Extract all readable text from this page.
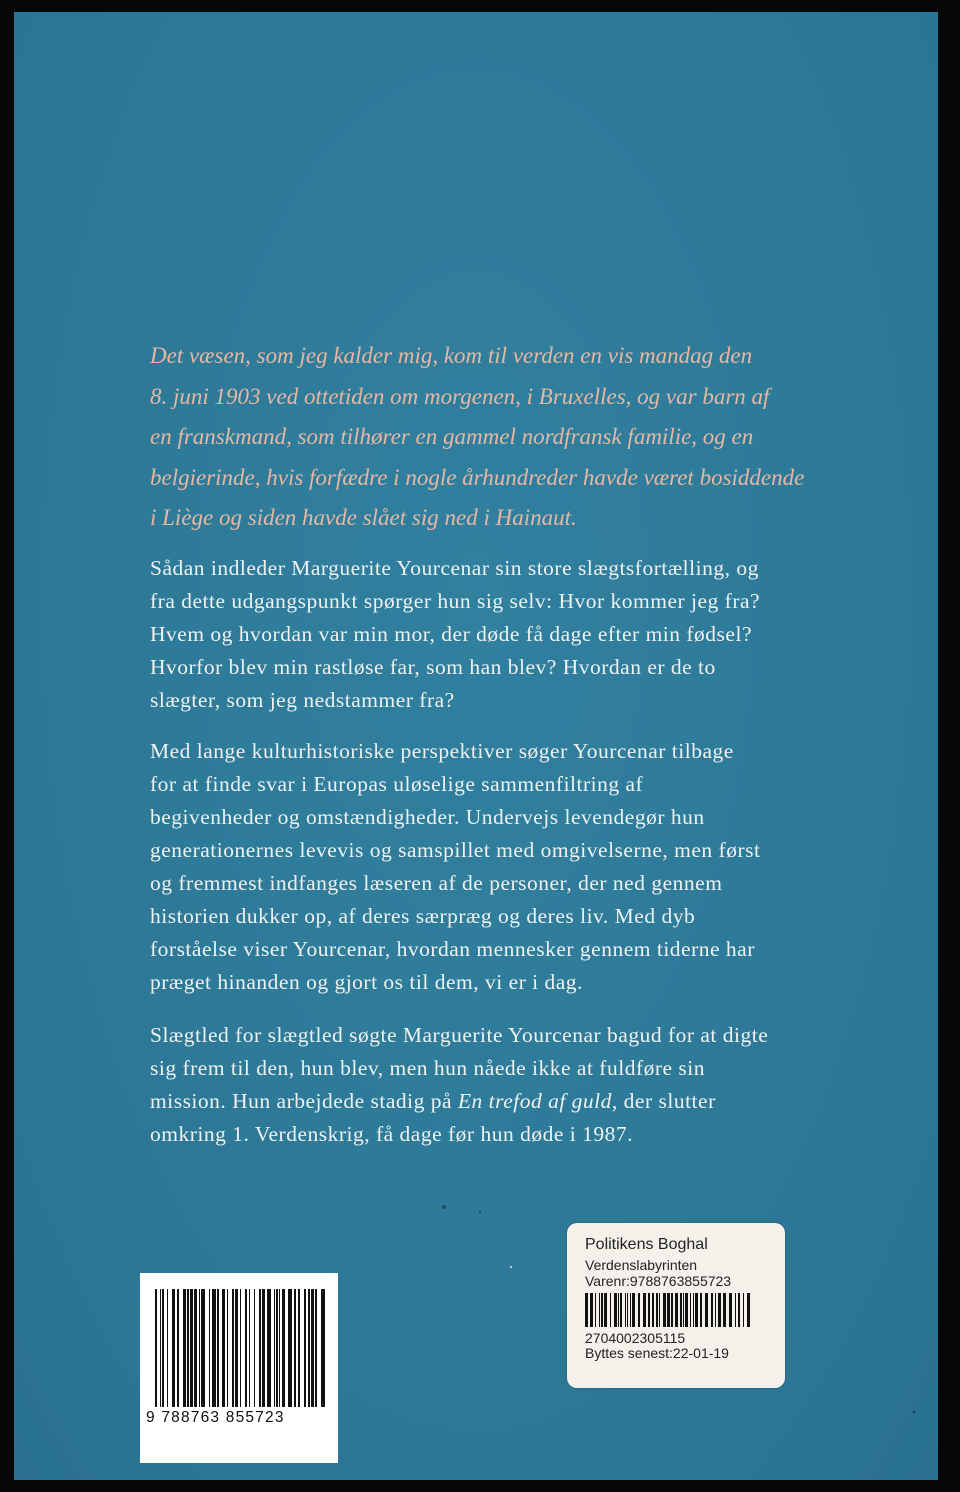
Det væsen, som jeg kalder mig, kom til verden en vis mandag den
8. juni 1903 ved ottetiden om morgenen, i Bruxelles, og var barn af
en franskmand, som tilhører en gammel nordfransk familie, og en
belgierinde, hvis forfædre i nogle århundreder havde været bosiddende
i Liège og siden havde slået sig ned i Hainaut.
Sådan indleder Marguerite Yourcenar sin store slægtsfortælling, og
fra dette udgangspunkt spørger hun sig selv: Hvor kommer jeg fra?
Hvem og hvordan var min mor, der døde få dage efter min fødsel?
Hvorfor blev min rastløse far, som han blev? Hvordan er de to
slægter, som jeg nedstammer fra?
Med lange kulturhistoriske perspektiver søger Yourcenar tilbage
for at finde svar i Europas uløselige sammenfiltring af
begivenheder og omstændigheder. Undervejs levendegør hun
generationernes levevis og samspillet med omgivelserne, men først
og fremmest indfanges læseren af de personer, der ned gennem
historien dukker op, af deres særpræg og deres liv. Med dyb
forståelse viser Yourcenar, hvordan mennesker gennem tiderne har
præget hinanden og gjort os til dem, vi er i dag.
Slægtled for slægtled søgte Marguerite Yourcenar bagud for at digte
sig frem til den, hun blev, men hun nåede ikke at fuldføre sin
mission. Hun arbejdede stadig på En trefod af guld, der slutter
omkring 1. Verdenskrig, få dage før hun døde i 1987.
9 788763 855723
Politikens Boghal
Verdenslabyrinten
Varenr:9788763855723
2704002305115
Byttes senest:22-01-19
